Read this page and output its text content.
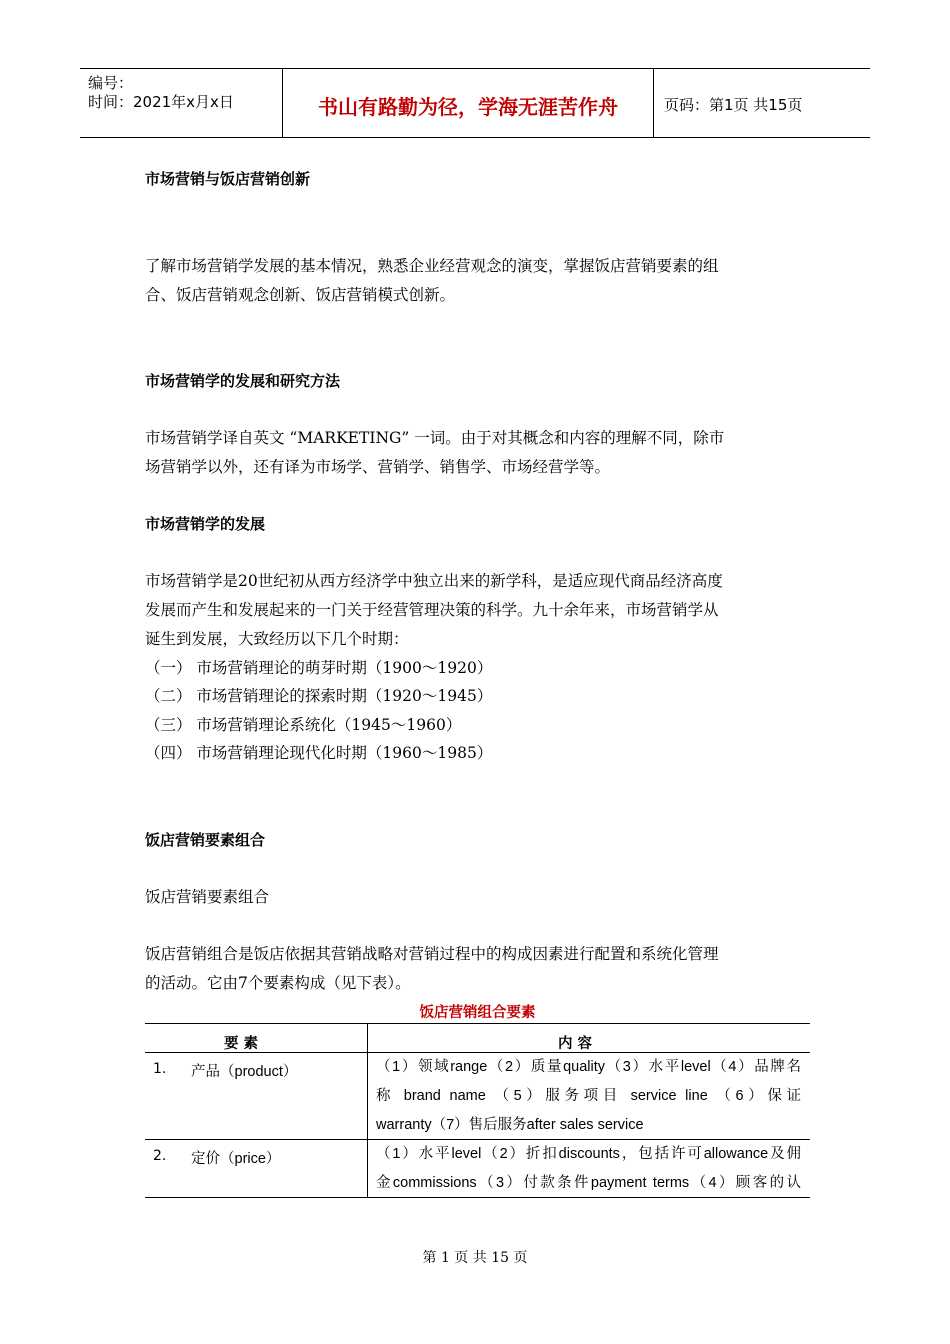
编号：
时间：2021年x月x日	书山有路勤为径，学海无涯苦作舟	页码：第1页 共15页
市场营销与饭店营销创新
了解市场营销学发展的基本情况，熟悉企业经营观念的演变，掌握饭店营销要素的组
合、饭店营销观念创新、饭店营销模式创新。
市场营销学的发展和研究方法
市场营销学译自英文 “MARKETING” 一词。由于对其概念和内容的理解不同，除市
场营销学以外，还有译为市场学、营销学、销售学、市场经营学等。
市场营销学的发展
市场营销学是20世纪初从西方经济学中独立出来的新学科，是适应现代商品经济高度
发展而产生和发展起来的一门关于经营管理决策的科学。九十余年来，市场营销学从
诞生到发展，大致经历以下几个时期：
（一） 市场营销理论的萌芽时期（1900～1920）
（二） 市场营销理论的探索时期（1920～1945）
（三） 市场营销理论系统化（1945～1960）
（四） 市场营销理论现代化时期（1960～1985）
饭店营销要素组合
饭店营销要素组合
饭店营销组合是饭店依据其营销战略对营销过程中的构成因素进行配置和系统化管理
的活动。它由7个要素构成（见下表）。
饭店营销组合要素
要 素	内 容
1. 产品（product）	（1）领域range（2）质量quality（3）水平level（4）品牌名
称 brand name （5）服务项目 service line （6）保证
warranty（7）售后服务after sales service
2. 定价（price）	（1）水平level（2）折扣discounts，包括许可allowance及佣
金commissions（3）付款条件payment terms（4）顾客的认
第 1 页 共 15 页
